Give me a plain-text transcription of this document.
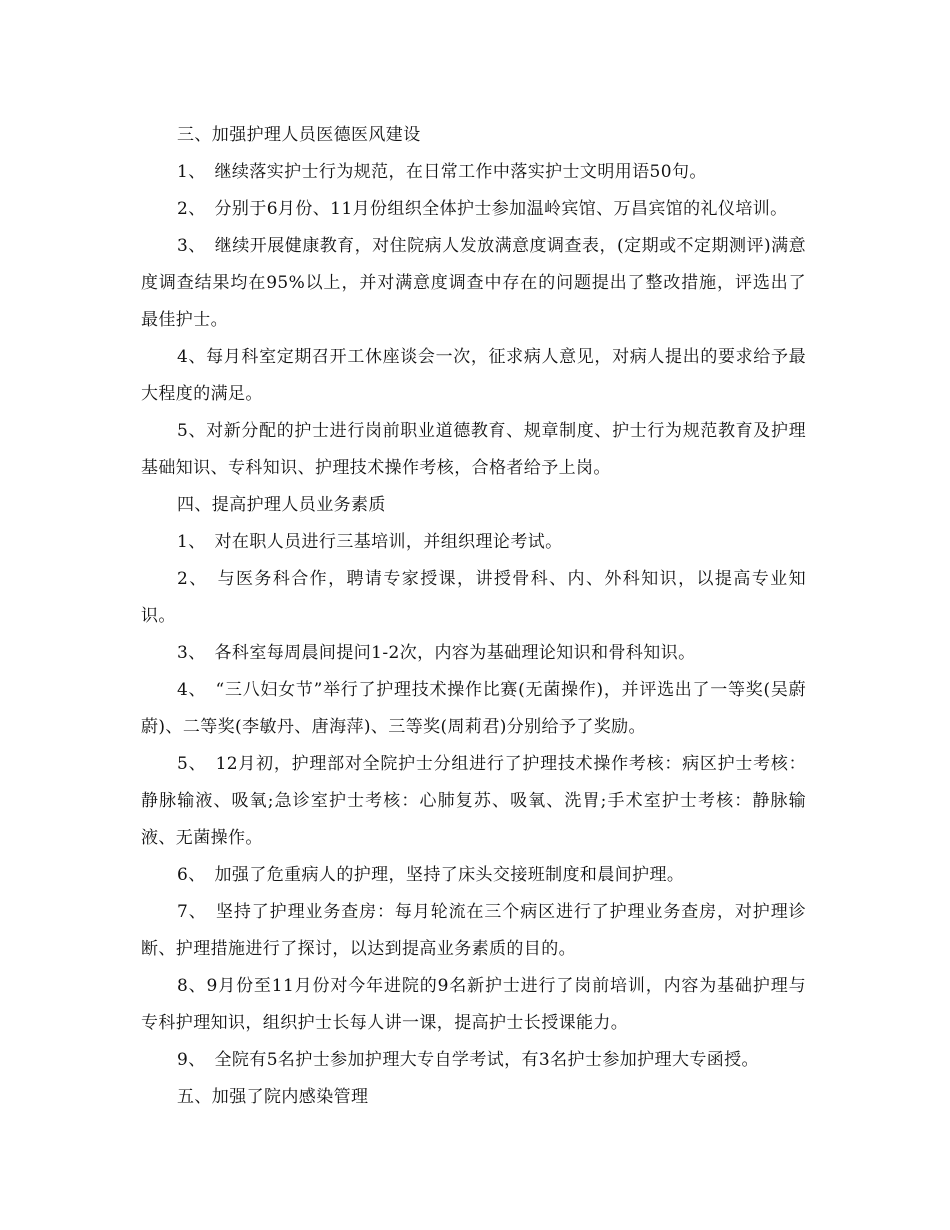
三、加强护理人员医德医风建设

1、　继续落实护士行为规范，在日常工作中落实护士文明用语50句。

2、　分别于6月份、11月份组织全体护士参加温岭宾馆、万昌宾馆的礼仪培训。

3、　继续开展健康教育，对住院病人发放满意度调查表，(定期或不定期测评)满意度调查结果均在95%以上，并对满意度调查中存在的问题提出了整改措施，评选出了最佳护士。

4、每月科室定期召开工休座谈会一次，征求病人意见，对病人提出的要求给予最大程度的满足。

5、对新分配的护士进行岗前职业道德教育、规章制度、护士行为规范教育及护理基础知识、专科知识、护理技术操作考核，合格者给予上岗。

四、提高护理人员业务素质

1、　对在职人员进行三基培训，并组织理论考试。

2、　与医务科合作，聘请专家授课，讲授骨科、内、外科知识，以提高专业知识。

3、　各科室每周晨间提问1-2次，内容为基础理论知识和骨科知识。

4、　“三八妇女节”举行了护理技术操作比赛(无菌操作)，并评选出了一等奖(吴蔚蔚)、二等奖(李敏丹、唐海萍)、三等奖(周莉君)分别给予了奖励。

5、　12月初，护理部对全院护士分组进行了护理技术操作考核：病区护士考核：静脉输液、吸氧;急诊室护士考核：心肺复苏、吸氧、洗胃;手术室护士考核：静脉输液、无菌操作。

6、　加强了危重病人的护理，坚持了床头交接班制度和晨间护理。

7、　坚持了护理业务查房：每月轮流在三个病区进行了护理业务查房，对护理诊断、护理措施进行了探讨，以达到提高业务素质的目的。

8、9月份至11月份对今年进院的9名新护士进行了岗前培训，内容为基础护理与专科护理知识，组织护士长每人讲一课，提高护士长授课能力。

9、　全院有5名护士参加护理大专自学考试，有3名护士参加护理大专函授。

五、加强了院内感染管理
